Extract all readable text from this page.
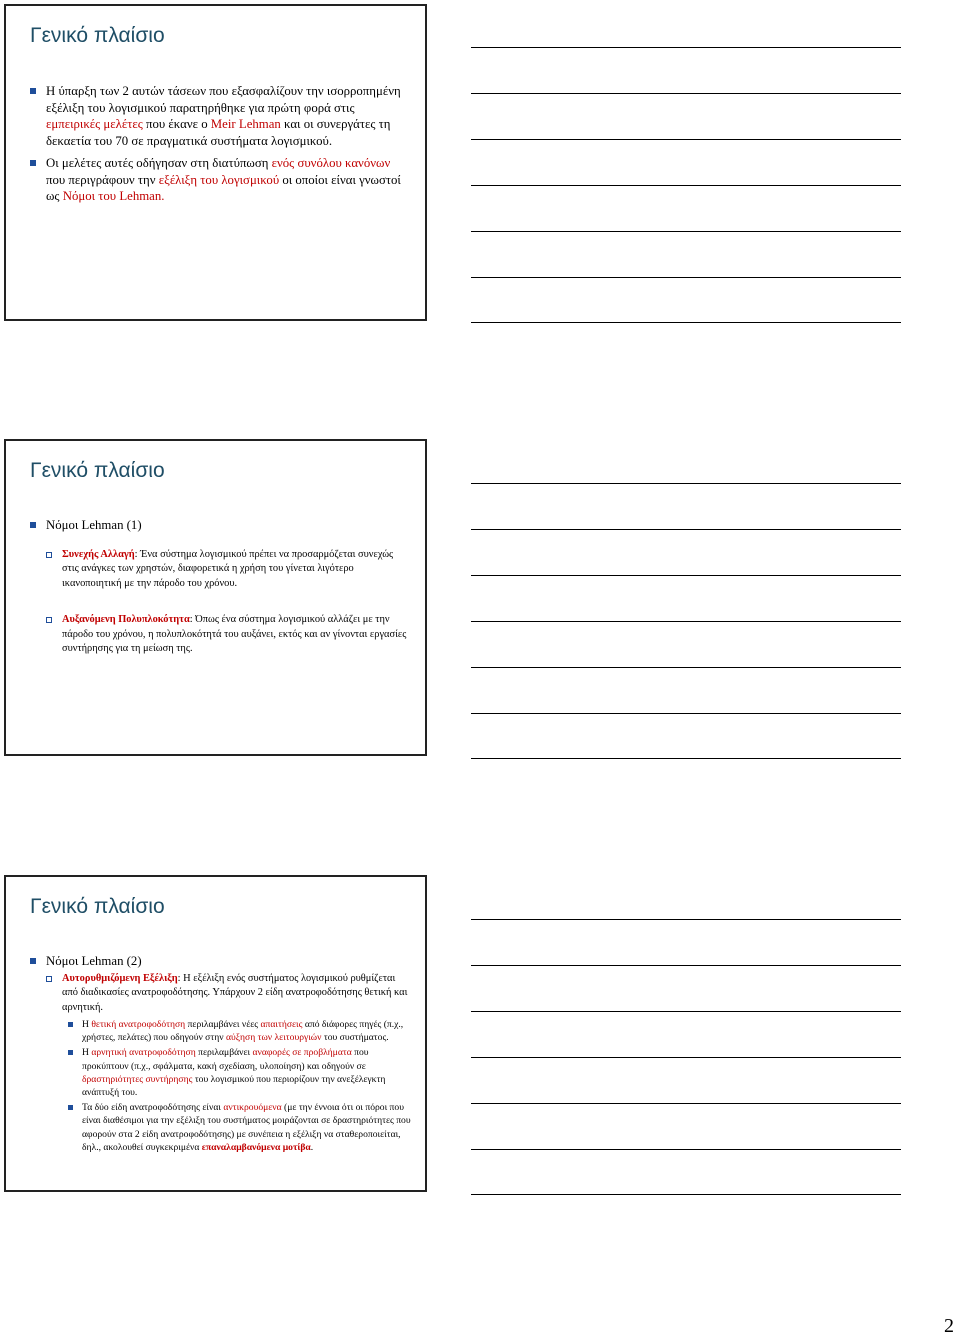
Γενικό πλαίσιο
Η ύπαρξη των 2 αυτών τάσεων που εξασφαλίζουν την ισορροπημένη εξέλιξη του λογισμικού παρατηρήθηκε για πρώτη φορά στις εμπειρικές μελέτες που έκανε ο Meir Lehman και οι συνεργάτες τη δεκαετία του 70 σε πραγματικά συστήματα λογισμικού.
Οι μελέτες αυτές οδήγησαν στη διατύπωση ενός συνόλου κανόνων που περιγράφουν την εξέλιξη του λογισμικού οι οποίοι είναι γνωστοί ως Νόμοι του Lehman.
Γενικό πλαίσιο
Νόμοι Lehman (1)
Συνεχής Αλλαγή: Ένα σύστημα λογισμικού πρέπει να προσαρμόζεται συνεχώς στις ανάγκες των χρηστών, διαφορετικά η χρήση του γίνεται λιγότερο ικανοποιητική με την πάροδο του χρόνου.
Αυξανόμενη Πολυπλοκότητα: Όπως ένα σύστημα λογισμικού αλλάζει με την πάροδο του χρόνου, η πολυπλοκότητά του αυξάνει, εκτός και αν γίνονται εργασίες συντήρησης για τη μείωση της.
Γενικό πλαίσιο
Νόμοι Lehman (2)
Αυτορυθμιζόμενη Εξέλιξη: Η εξέλιξη ενός συστήματος λογισμικού ρυθμίζεται από διαδικασίες ανατροφοδότησης. Υπάρχουν 2 είδη ανατροφοδότησης θετική και αρνητική.
Η θετική ανατροφοδότηση περιλαμβάνει νέες απαιτήσεις από διάφορες πηγές (π.χ., χρήστες, πελάτες) που οδηγούν στην αύξηση των λειτουργιών του συστήματος.
Η αρνητική ανατροφοδότηση περιλαμβάνει αναφορές σε προβλήματα που προκύπτουν (π.χ., σφάλματα, κακή σχεδίαση, υλοποίηση) και οδηγούν σε δραστηριότητες συντήρησης του λογισμικού που περιορίζουν την ανεξέλεγκτη ανάπτυξή του.
Τα δύο είδη ανατροφοδότησης είναι αντικρουόμενα (με την έννοια ότι οι πόροι που είναι διαθέσιμοι για την εξέλιξη του συστήματος μοιράζονται σε δραστηριότητες που αφορούν στα 2 είδη ανατροφοδότησης) με συνέπεια η εξέλιξη να σταθεροποιείται, δηλ., ακολουθεί συγκεκριμένα επαναλαμβανόμενα μοτίβα.
2
